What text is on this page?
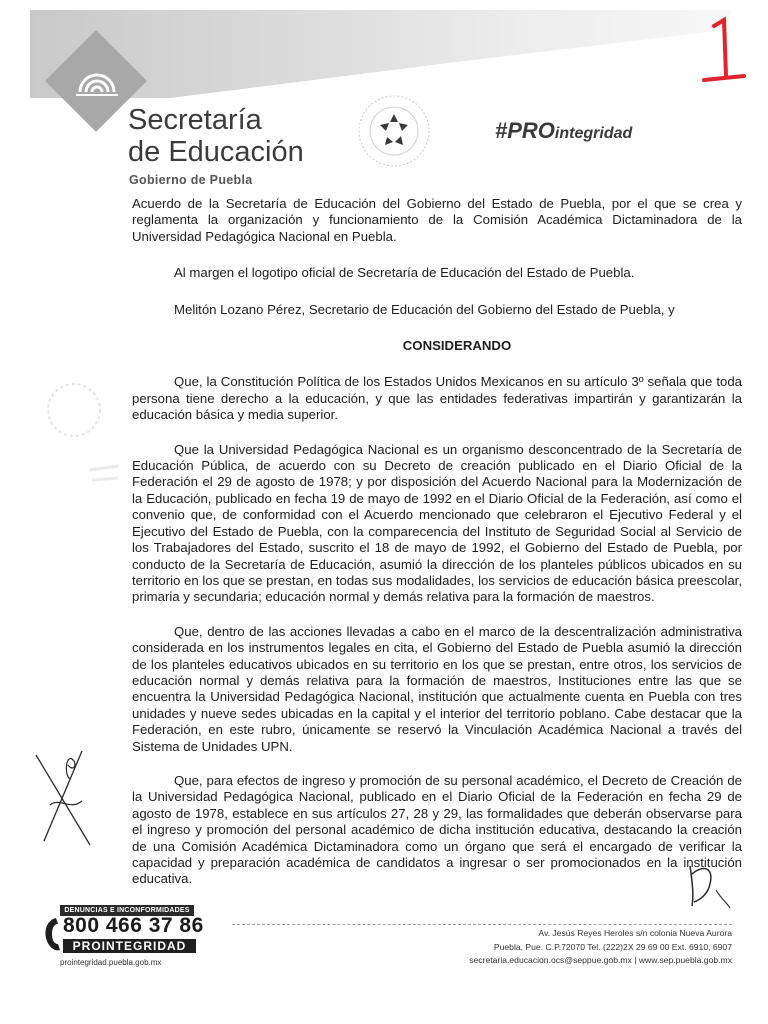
Secretaría
de Educación
Gobierno de Puebla
#PROintegridad

Acuerdo de la Secretaría de Educación del Gobierno del Estado de Puebla, por el que se crea y reglamenta la organización y funcionamiento de la Comisión Académica Dictaminadora de la Universidad Pedagógica Nacional en Puebla.

Al margen el logotipo oficial de Secretaría de Educación del Estado de Puebla.

Melitón Lozano Pérez, Secretario de Educación del Gobierno del Estado de Puebla, y

CONSIDERANDO

Que, la Constitución Política de los Estados Unidos Mexicanos en su artículo 3º señala que toda persona tiene derecho a la educación, y que las entidades federativas impartirán y garantizarán la educación básica y media superior.

Que la Universidad Pedagógica Nacional es un organismo desconcentrado de la Secretaría de Educación Pública, de acuerdo con su Decreto de creación publicado en el Diario Oficial de la Federación el 29 de agosto de 1978; y por disposición del Acuerdo Nacional para la Modernización de la Educación, publicado en fecha 19 de mayo de 1992 en el Diario Oficial de la Federación, así como el convenio que, de conformidad con el Acuerdo mencionado que celebraron el Ejecutivo Federal y el Ejecutivo del Estado de Puebla, con la comparecencia del Instituto de Seguridad Social al Servicio de los Trabajadores del Estado, suscrito el 18 de mayo de 1992, el Gobierno del Estado de Puebla, por conducto de la Secretaría de Educación, asumió la dirección de los planteles públicos ubicados en su territorio en los que se prestan, en todas sus modalidades, los servicios de educación básica preescolar, primaria y secundaria; educación normal y demás relativa para la formación de maestros.

Que, dentro de las acciones llevadas a cabo en el marco de la descentralización administrativa considerada en los instrumentos legales en cita, el Gobierno del Estado de Puebla asumió la dirección de los planteles educativos ubicados en su territorio en los que se prestan, entre otros, los servicios de educación normal y demás relativa para la formación de maestros, Instituciones entre las que se encuentra la Universidad Pedagógica Nacional, institución que actualmente cuenta en Puebla con tres unidades y nueve sedes ubicadas en la capital y el interior del territorio poblano. Cabe destacar que la Federación, en este rubro, únicamente se reservó la Vinculación Académica Nacional a través del Sistema de Unidades UPN.

Que, para efectos de ingreso y promoción de su personal académico, el Decreto de Creación de la Universidad Pedagógica Nacional, publicado en el Diario Oficial de la Federación en fecha 29 de agosto de 1978, establece en sus artículos 27, 28 y 29, las formalidades que deberán observarse para el ingreso y promoción del personal académico de dicha institución educativa, destacando la creación de una Comisión Académica Dictaminadora como un órgano que será el encargado de verificar la capacidad y preparación académica de candidatos a ingresar o ser promocionados en la institución educativa.

DENUNCIAS E INCONFORMIDADES
800 466 37 86
PROINTEGRIDAD
prointegridad.puebla.gob.mx
Av. Jesús Reyes Heroles s/n colonia Nueva Aurora
Puebla, Pue. C.P.72070 Tel. (222)2X 29 69 00 Ext. 6910, 6907
secretaria.educacion.ocs@seppue.gob.mx | www.sep.puebla.gob.mx
